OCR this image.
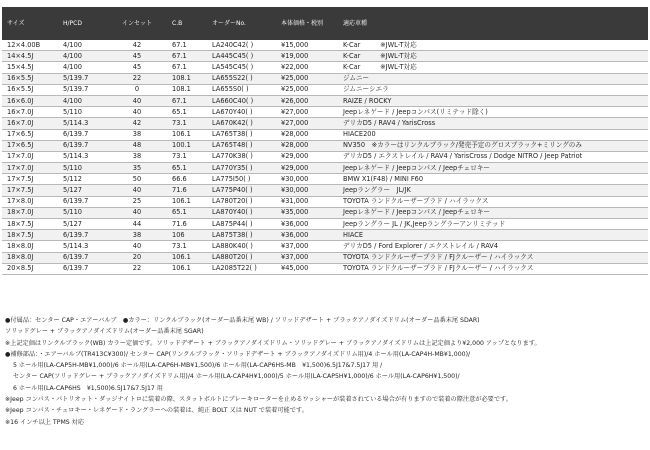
サイズ	H/PCD	インセット	C.B	オーダーNo.	本体価格・税別	適応車種
12×4.00B	4/100	42	67.1	LA240C42( )	¥15,000	K-Car　　　※JWL-T対応
14×4.5J	4/100	45	67.1	LA445C45( )	¥19,000	K-Car　　　※JWL-T対応
15×4.5J	4/100	45	67.1	LA545C45( )	¥22,000	K-Car　　　※JWL-T対応
16×5.5J	5/139.7	22	108.1	LA655S22( )	¥25,000	ジムニー
16×5.5J	5/139.7	0	108.1	LA655S0( )	¥25,000	ジムニーシエラ
16×6.0J	4/100	40	67.1	LA660C40( )	¥26,000	RAIZE / ROCKY
16×7.0J	5/110	40	65.1	LA670Y40( )	¥27,000	Jeepレネゲード / Jeepコンパス(リミテッド除く)
16×7.0J	5/114.3	42	73.1	LA670K42( )	¥27,000	デリカD5 / RAV4 / YarisCross
17×6.5J	6/139.7	38	106.1	LA765T38( )	¥28,000	HIACE200
17×6.5J	6/139.7	48	100.1	LA765T48( )	¥28,000	NV350　※カラーはリンクルブラック/発売予定のグロスブラック+ミリングのみ
17×7.0J	5/114.3	38	73.1	LA770K38( )	¥29,000	デリカD5 / エクストレイル / RAV4 / YarisCross / Dodge NITRO / Jeep Patriot
17×7.0J	5/110	35	65.1	LA770Y35( )	¥29,000	Jeepレネゲード / Jeepコンパス / Jeepチェロキー
17×7.5J	5/112	50	66.6	LA775I50( )	¥30,000	BMW X1(F48) / MINI F60
17×7.5J	5/127	40	71.6	LA775P40( )	¥30,000	Jeepラングラー　JL/JK
17×8.0J	6/139.7	25	106.1	LA780T20( )	¥31,000	TOYOTA ランドクルーザープラド / ハイラックス
18×7.0J	5/110	40	65.1	LA870Y40( )	¥35,000	Jeepレネゲード / Jeepコンパス / Jeepチェロキー
18×7.5J	5/127	44	71.6	LA875P44( )	¥36,000	Jeepラングラー JL / JK,Jeepラングラーアンリミテッド
18×7.5J	6/139.7	38	106	LA875T38( )	¥36,000	HIACE
18×8.0J	5/114.3	40	73.1	LA880K40( )	¥37,000	デリカD5 / Ford Explorer / エクストレイル / RAV4
18×8.0J	6/139.7	20	106.1	LA880T20( )	¥37,000	TOYOTA ランドクルーザープラド / FJクルーザー / ハイラックス
20×8.5J	6/139.7	22	106.1	LA2085T22( )	¥45,000	TOYOTA ランドクルーザープラド / FJクルーザー / ハイラックス
●付属品：センター CAP・エアーバルブ　●カラー：リンクルブラック(オーダー品番末尾 WB) / ソリッドデザート + ブラックアノダイズドリム(オーダー品番末尾 SDAR)
ソリッドグレー + ブラックアノダイズドリム(オーダー品番末尾 SGAR)
※上記定価はリンクルブラック(WB) カラー定価です。ソリッドデザート + ブラックアノダイズドリム・ソリッドグレー + ブラックアノダイズドリムは上記定価より¥2,000 アップとなります。
●補修部品：・エアーバルブ(TR413C¥300)/ センター CAP(リンクルブラック・ソリッドデザート + ブラックアノダイズドリム用)/4 ホール用(LA-CAP4H-MB¥1,000)/
5 ホール用(LA-CAP5H-MB¥1,000)/6 ホール用(LA-CAP6H-MB¥1,500)/6 ホール用(LA-CAP6HS-MB　¥1,500)6.5J17&7.5J17 用 /
センター CAP(ソリッドグレー + ブラックアノダイズドリム用)/4 ホール用(LA-CAP4H¥1,000)/5 ホール用(LA-CAP5H¥1,000)/6 ホール用(LA-CAP6H¥1,500)/
6 ホール用(LA-CAP6HS　¥1,500)6.5J17&7.5J17 用
※Jeep コンパス・パトリオット・ダッジナイトロに装着の際、スタットボルトにブレーキローターを止めるワッシャーが装着されている場合が有りますので装着の際注意が必要です。
※Jeep コンパス・チェロキー・レネゲード・ラングラーへの装着は、純正 BOLT 又は NUT で装着可能です。
※16 インチ以上 TPMS 対応
